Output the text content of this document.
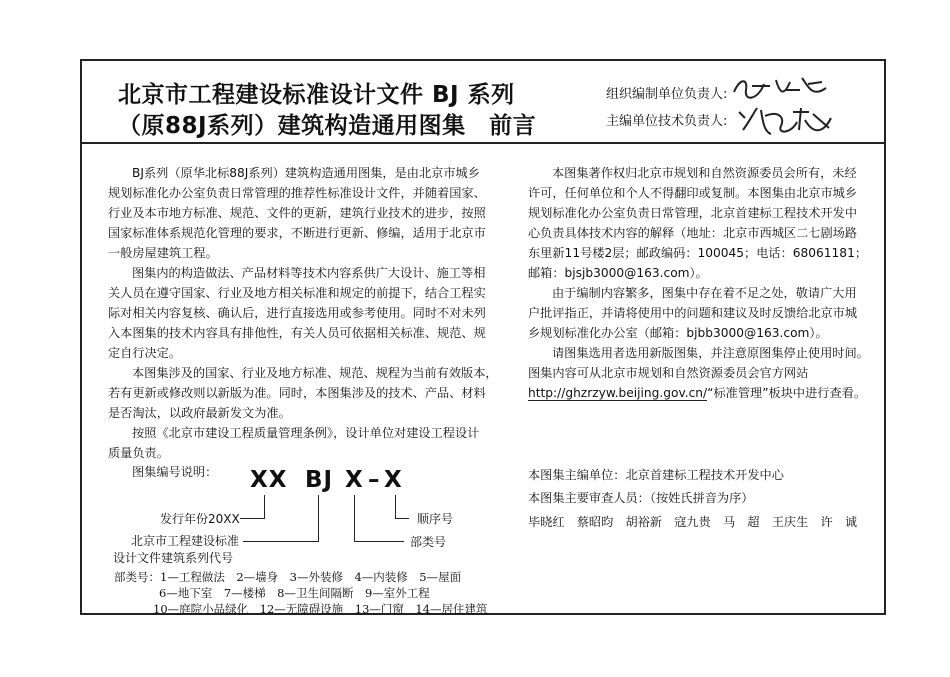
北京市工程建设标准设计文件 BJ 系列
（原88J系列）建筑构造通用图集　前言
组织编制单位负责人:
主编单位技术负责人:
BJ系列（原华北标88J系列）建筑构造通用图集，是由北京市城乡
规划标准化办公室负责日常管理的推荐性标准设计文件，并随着国家、
行业及本市地方标准、规范、文件的更新，建筑行业技术的进步，按照
国家标准体系规范化管理的要求，不断进行更新、修编，适用于北京市
一般房屋建筑工程。
图集内的构造做法、产品材料等技术内容系供广大设计、施工等相
关人员在遵守国家、行业及地方相关标准和规定的前提下，结合工程实
际对相关内容复核、确认后，进行直接选用或参考使用。同时不对未列
入本图集的技术内容具有排他性，有关人员可依据相关标准、规范、规
定自行决定。
本图集涉及的国家、行业及地方标准、规范、规程为当前有效版本，
若有更新或修改则以新版为准。同时，本图集涉及的技术、产品、材料
是否淘汰，以政府最新发文为准。
按照《北京市建设工程质量管理条例》，设计单位对建设工程设计
质量负责。
本图集著作权归北京市规划和自然资源委员会所有，未经
许可，任何单位和个人不得翻印或复制。本图集由北京市城乡
规划标准化办公室负责日常管理，北京首建标工程技术开发中
心负责具体技术内容的解释（地址：北京市西城区二七剧场路
东里新11号楼2层；邮政编码：100045；电话：68061181；
邮箱：bjsjb3000@163.com）。
由于编制内容繁多，图集中存在着不足之处，敬请广大用
户批评指正，并请将使用中的问题和建议及时反馈给北京市城
乡规划标准化办公室（邮箱：bjbb3000@163.com）。
请图集选用者选用新版图集，并注意原图集停止使用时间。
图集内容可从北京市规划和自然资源委员会官方网站
http://ghzrzyw.beijing.gov.cn/“标准管理”板块中进行查看。
图集编号说明： XX BJ X – X
发行年份20XX
北京市工程建设标准
设计文件建筑系列代号
顺序号
部类号
部类号：1—工程做法　2—墙身　3—外装修　4—内装修　5—屋面
6—地下室　7—楼梯　8—卫生间隔断　9—室外工程
10—庭院小品绿化　12—无障碍设施　13—门窗　14—居住建筑
本图集主编单位：北京首建标工程技术开发中心
本图集主要审查人员：（按姓氏拼音为序）
毕晓红　蔡昭昀　胡裕新　寇九贵　马　超　王庆生　许　诚
